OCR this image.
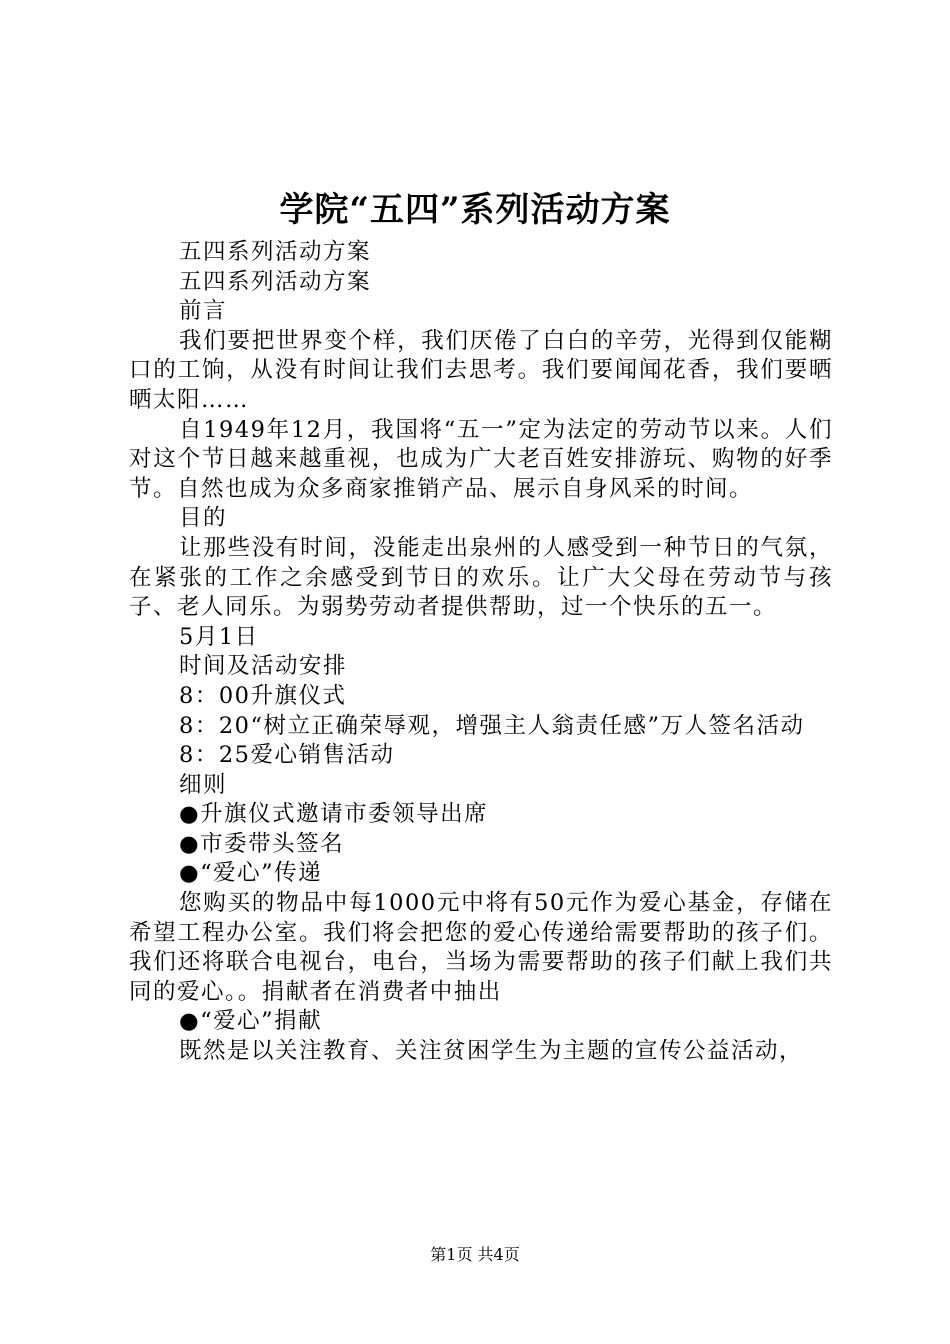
学院“五四”系列活动方案

五四系列活动方案

五四系列活动方案

前言

我们要把世界变个样，我们厌倦了白白的辛劳，光得到仅能糊口的工饷，从没有时间让我们去思考。我们要闻闻花香，我们要晒晒太阳……

自1949年12月，我国将“五一”定为法定的劳动节以来。人们对这个节日越来越重视，也成为广大老百姓安排游玩、购物的好季节。自然也成为众多商家推销产品、展示自身风采的时间。

目的

让那些没有时间，没能走出泉州的人感受到一种节日的气氛，在紧张的工作之余感受到节日的欢乐。让广大父母在劳动节与孩子、老人同乐。为弱势劳动者提供帮助，过一个快乐的五一。

5月1日

时间及活动安排

8：00升旗仪式

8：20“树立正确荣辱观，增强主人翁责任感”万人签名活动

8：25爱心销售活动

细则

●升旗仪式邀请市委领导出席

●市委带头签名

●“爱心”传递

您购买的物品中每1000元中将有50元作为爱心基金，存储在希望工程办公室。我们将会把您的爱心传递给需要帮助的孩子们。我们还将联合电视台，电台，当场为需要帮助的孩子们献上我们共同的爱心。。捐献者在消费者中抽出

●“爱心”捐献

既然是以关注教育、关注贫困学生为主题的宣传公益活动，

第1页 共4页
